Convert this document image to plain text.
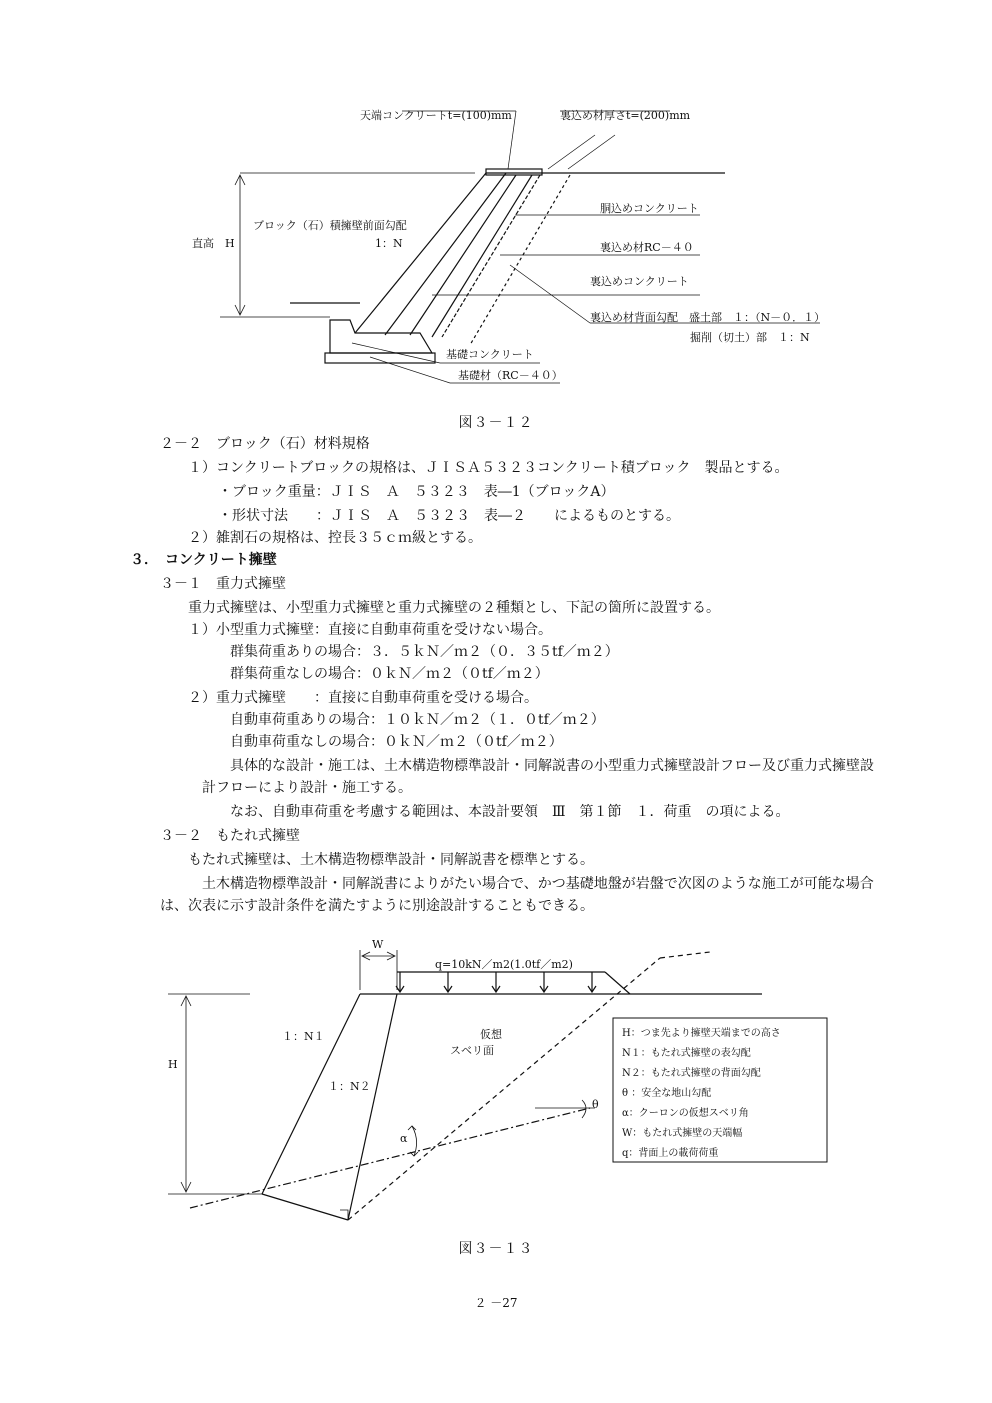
天端コンクリートt=(100)mm	裏込め材厚さt=(200)mm
ブロック（石）積擁壁前面勾配
1：N
直高　H
胴込めコンクリート
裏込め材RC－４０
裏込めコンクリート
裏込め材背面勾配　盛土部　１：（N－０．１）
掘削（切土）部　１：N
基礎コンクリート
基礎材（RC－４０）
図３－１２
２－２　ブロック（石）材料規格
１）コンクリートブロックの規格は、ＪＩＳＡ５３２３コンクリート積ブロック　製品とする。
・ブロック重量：ＪＩＳ　Ａ　５３２３　表―1（ブロックA）
・形状寸法　　：ＪＩＳ　Ａ　５３２３　表―２　　によるものとする。
２）雑割石の規格は、控長３５ｃｍ級とする。
３．　コンクリート擁壁
３－１　重力式擁壁
重力式擁壁は、小型重力式擁壁と重力式擁壁の２種類とし、下記の箇所に設置する。
１）小型重力式擁壁：直接に自動車荷重を受けない場合。
群集荷重ありの場合：３．５ｋＮ／ｍ２（０．３５tf／ｍ２）
群集荷重なしの場合：０ｋＮ／ｍ２（０tf／ｍ２）
２）重力式擁壁　　：直接に自動車荷重を受ける場合。
自動車荷重ありの場合：１０ｋＮ／ｍ２（１．０tf／ｍ２）
自動車荷重なしの場合：０ｋＮ／ｍ２（０tf／ｍ２）
具体的な設計・施工は、土木構造物標準設計・同解説書の小型重力式擁壁設計フロー及び重力式擁壁設
計フローにより設計・施工する。
なお、自動車荷重を考慮する範囲は、本設計要領　Ⅲ　第１節　１．荷重　の項による。
３－２　もたれ式擁壁
もたれ式擁壁は、土木構造物標準設計・同解説書を標準とする。
土木構造物標準設計・同解説書によりがたい場合で、かつ基礎地盤が岩盤で次図のような施工が可能な場合
は、次表に示す設計条件を満たすように別途設計することもできる。
W
q=10kN／m2(1.0tf／m2)
H
１：N１
１：N２
仮想
スベリ面
α
θ
H：つま先より擁壁天端までの高さ
N１：もたれ式擁壁の表勾配
N２：もたれ式擁壁の背面勾配
θ ：安全な地山勾配
α：クーロンの仮想スベリ角
W：もたれ式擁壁の天端幅
q：背面上の載荷荷重
図３－１３
２ －27
